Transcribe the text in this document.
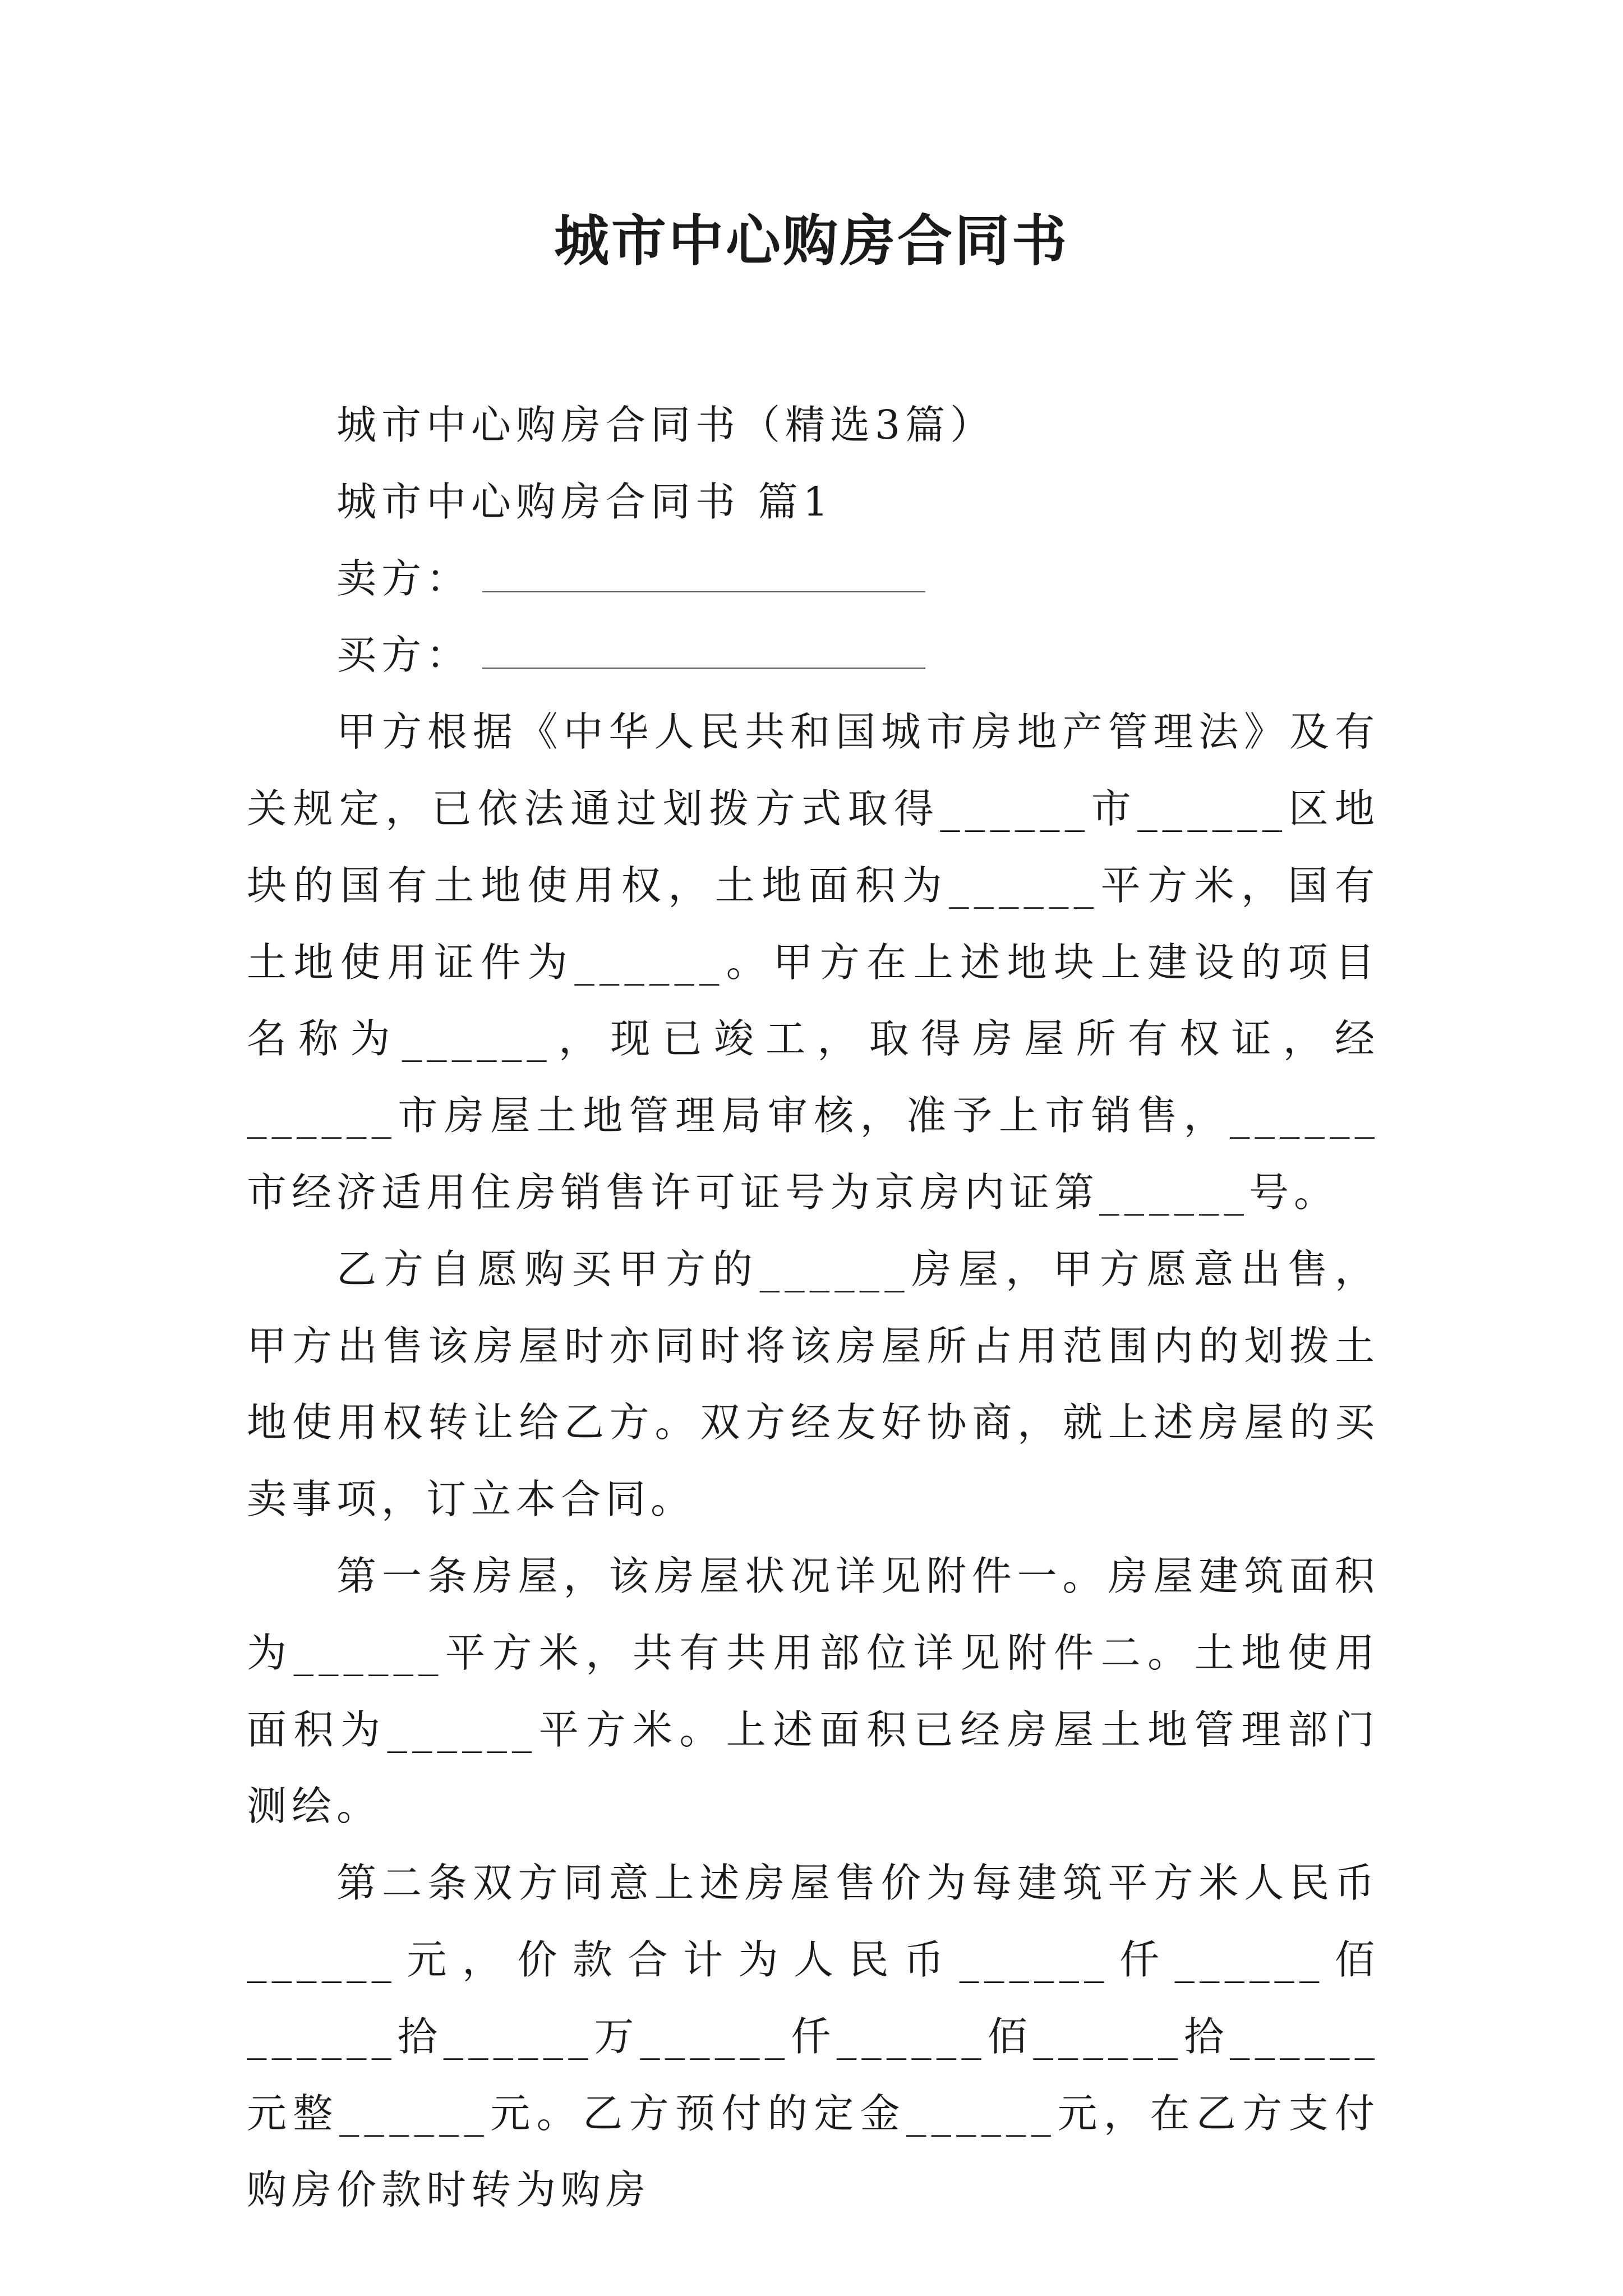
城市中心购房合同书

城市中心购房合同书（精选3篇）

城市中心购房合同书 篇1

卖方：

买方：

甲方根据《中华人民共和国城市房地产管理法》及有关规定，已依法通过划拨方式取得______市______区地块的国有土地使用权，土地面积为______平方米，国有土地使用证件为______。甲方在上述地块上建设的项目名称为______，现已竣工，取得房屋所有权证，经______市房屋土地管理局审核，准予上市销售，______市经济适用住房销售许可证号为京房内证第______号。

乙方自愿购买甲方的______房屋，甲方愿意出售，甲方出售该房屋时亦同时将该房屋所占用范围内的划拨土地使用权转让给乙方。双方经友好协商，就上述房屋的买卖事项，订立本合同。

第一条房屋，该房屋状况详见附件一。房屋建筑面积为______平方米，共有共用部位详见附件二。土地使用面积为______平方米。上述面积已经房屋土地管理部门测绘。

第二条双方同意上述房屋售价为每建筑平方米人民币______元，价款合计为人民币______仟______佰______拾______万______仟______佰______拾______元整______元。乙方预付的定金______元，在乙方支付购房价款时转为购房
